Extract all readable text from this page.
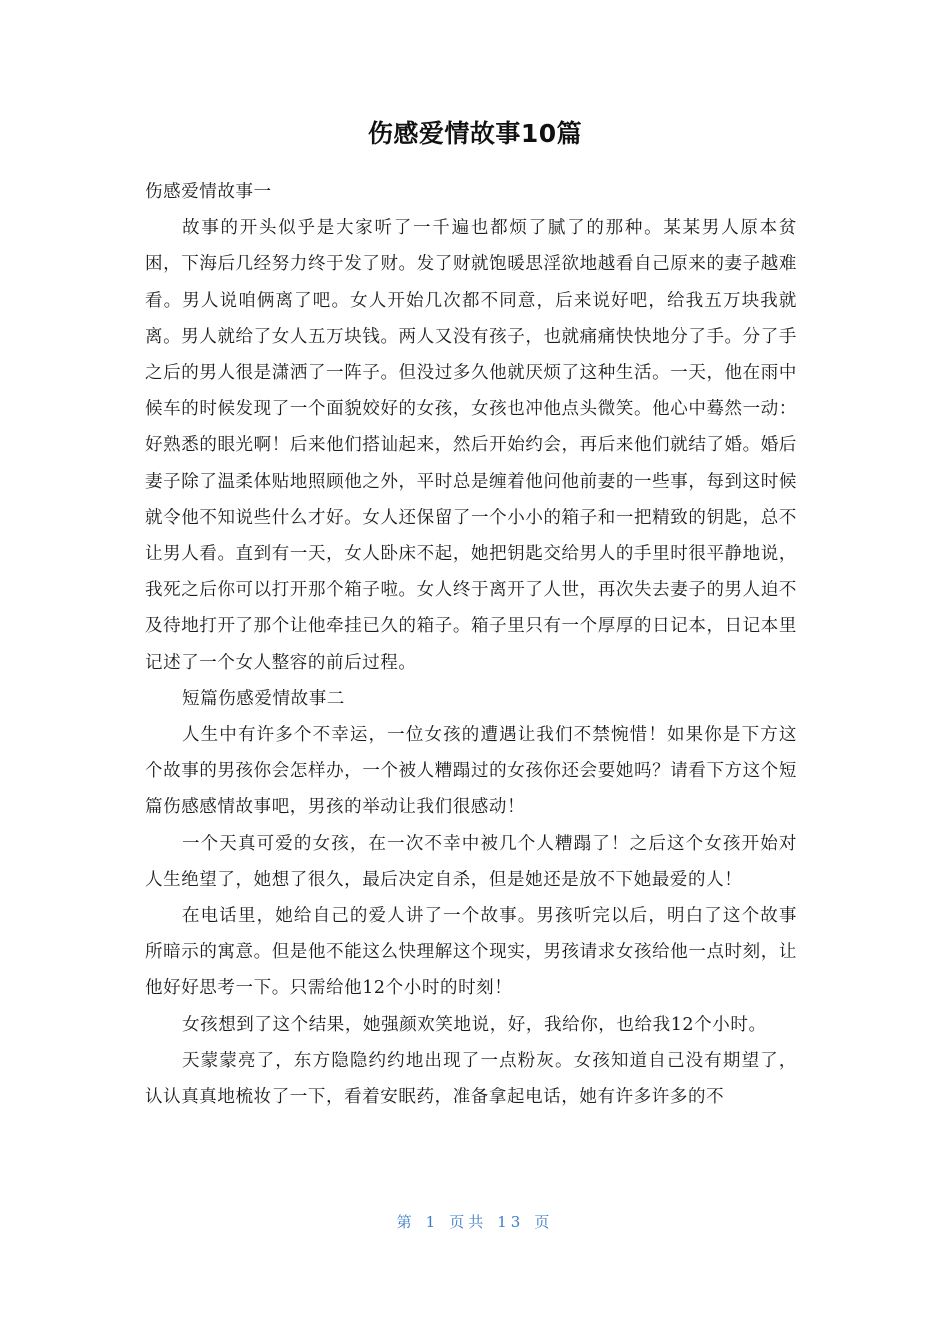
伤感爱情故事10篇

伤感爱情故事一

故事的开头似乎是大家听了一千遍也都烦了腻了的那种。某某男人原本贫困，下海后几经努力终于发了财。发了财就饱暖思淫欲地越看自己原来的妻子越难看。男人说咱俩离了吧。女人开始几次都不同意，后来说好吧，给我五万块我就离。男人就给了女人五万块钱。两人又没有孩子，也就痛痛快快地分了手。分了手之后的男人很是潇洒了一阵子。但没过多久他就厌烦了这种生活。一天，他在雨中候车的时候发现了一个面貌姣好的女孩，女孩也冲他点头微笑。他心中蓦然一动：好熟悉的眼光啊！后来他们搭讪起来，然后开始约会，再后来他们就结了婚。婚后妻子除了温柔体贴地照顾他之外，平时总是缠着他问他前妻的一些事，每到这时候就令他不知说些什么才好。女人还保留了一个小小的箱子和一把精致的钥匙，总不让男人看。直到有一天，女人卧床不起，她把钥匙交给男人的手里时很平静地说，我死之后你可以打开那个箱子啦。女人终于离开了人世，再次失去妻子的男人迫不及待地打开了那个让他牵挂已久的箱子。箱子里只有一个厚厚的日记本，日记本里记述了一个女人整容的前后过程。

短篇伤感爱情故事二

人生中有许多个不幸运，一位女孩的遭遇让我们不禁惋惜！如果你是下方这个故事的男孩你会怎样办，一个被人糟蹋过的女孩你还会要她吗？请看下方这个短篇伤感感情故事吧，男孩的举动让我们很感动！

一个天真可爱的女孩，在一次不幸中被几个人糟蹋了！之后这个女孩开始对人生绝望了，她想了很久，最后决定自杀，但是她还是放不下她最爱的人！

在电话里，她给自己的爱人讲了一个故事。男孩听完以后，明白了这个故事所暗示的寓意。但是他不能这么快理解这个现实，男孩请求女孩给他一点时刻，让他好好思考一下。只需给他12个小时的时刻！

女孩想到了这个结果，她强颜欢笑地说，好，我给你，也给我12个小时。

天蒙蒙亮了，东方隐隐约约地出现了一点粉灰。女孩知道自己没有期望了，认认真真地梳妆了一下，看着安眠药，准备拿起电话，她有许多许多的不

第 1 页共 13 页
